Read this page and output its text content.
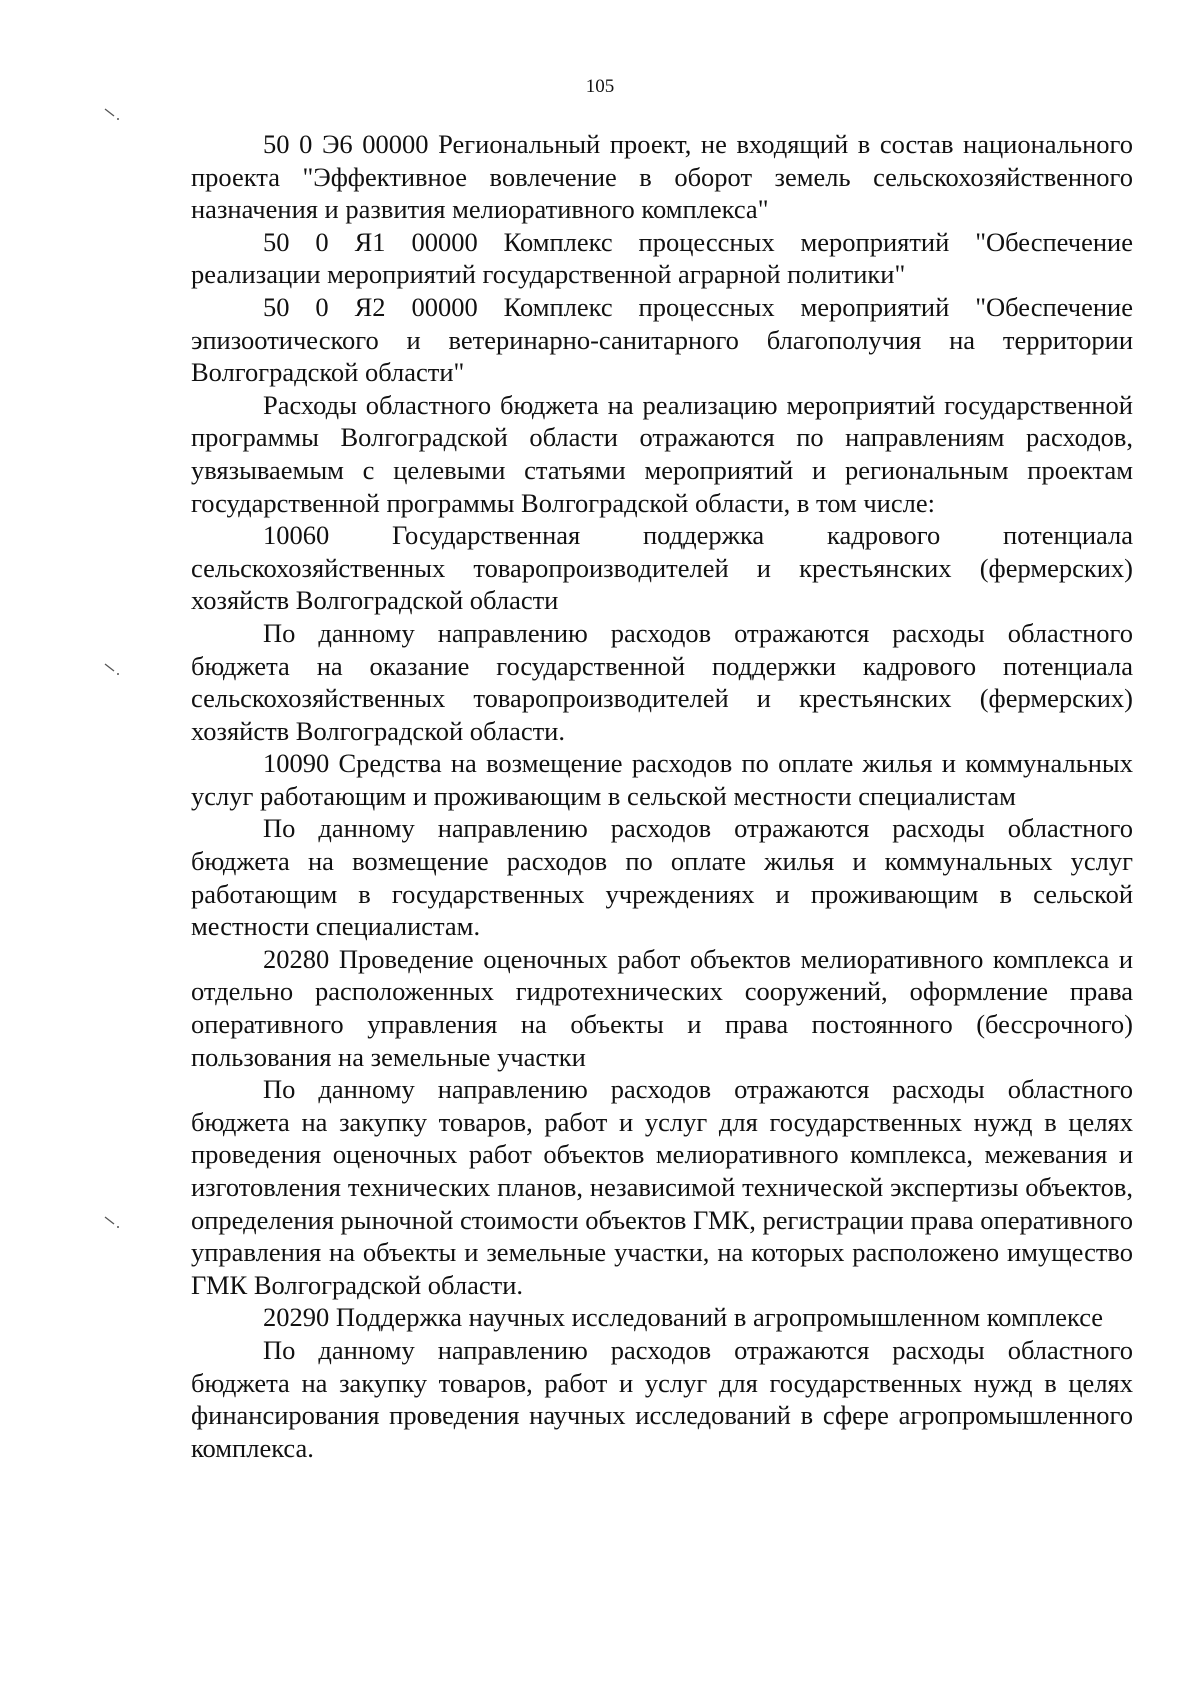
105

50 0 Э6 00000 Региональный проект, не входящий в состав национального проекта "Эффективное вовлечение в оборот земель сельскохозяйственного назначения и развития мелиоративного комплекса"

50 0 Я1 00000 Комплекс процессных мероприятий "Обеспечение реализации мероприятий государственной аграрной политики"

50 0 Я2 00000 Комплекс процессных мероприятий "Обеспечение эпизоотического и ветеринарно-санитарного благополучия на территории Волгоградской области"

Расходы областного бюджета на реализацию мероприятий государственной программы Волгоградской области отражаются по направлениям расходов, увязываемым с целевыми статьями мероприятий и региональным проектам государственной программы Волгоградской области, в том числе:

10060 Государственная поддержка кадрового потенциала сельскохозяйственных товаропроизводителей и крестьянских (фермерских) хозяйств Волгоградской области

По данному направлению расходов отражаются расходы областного бюджета на оказание государственной поддержки кадрового потенциала сельскохозяйственных товаропроизводителей и крестьянских (фермерских) хозяйств Волгоградской области.

10090 Средства на возмещение расходов по оплате жилья и коммунальных услуг работающим и проживающим в сельской местности специалистам

По данному направлению расходов отражаются расходы областного бюджета на возмещение расходов по оплате жилья и коммунальных услуг работающим в государственных учреждениях и проживающим в сельской местности специалистам.

20280 Проведение оценочных работ объектов мелиоративного комплекса и отдельно расположенных гидротехнических сооружений, оформление права оперативного управления на объекты и права постоянного (бессрочного) пользования на земельные участки

По данному направлению расходов отражаются расходы областного бюджета на закупку товаров, работ и услуг для государственных нужд в целях проведения оценочных работ объектов мелиоративного комплекса, межевания и изготовления технических планов, независимой технической экспертизы объектов, определения рыночной стоимости объектов ГМК, регистрации права оперативного управления на объекты и земельные участки, на которых расположено имущество ГМК Волгоградской области.

20290 Поддержка научных исследований в агропромышленном комплексе

По данному направлению расходов отражаются расходы областного бюджета на закупку товаров, работ и услуг для государственных нужд в целях финансирования проведения научных исследований в сфере агропромышленного комплекса.
